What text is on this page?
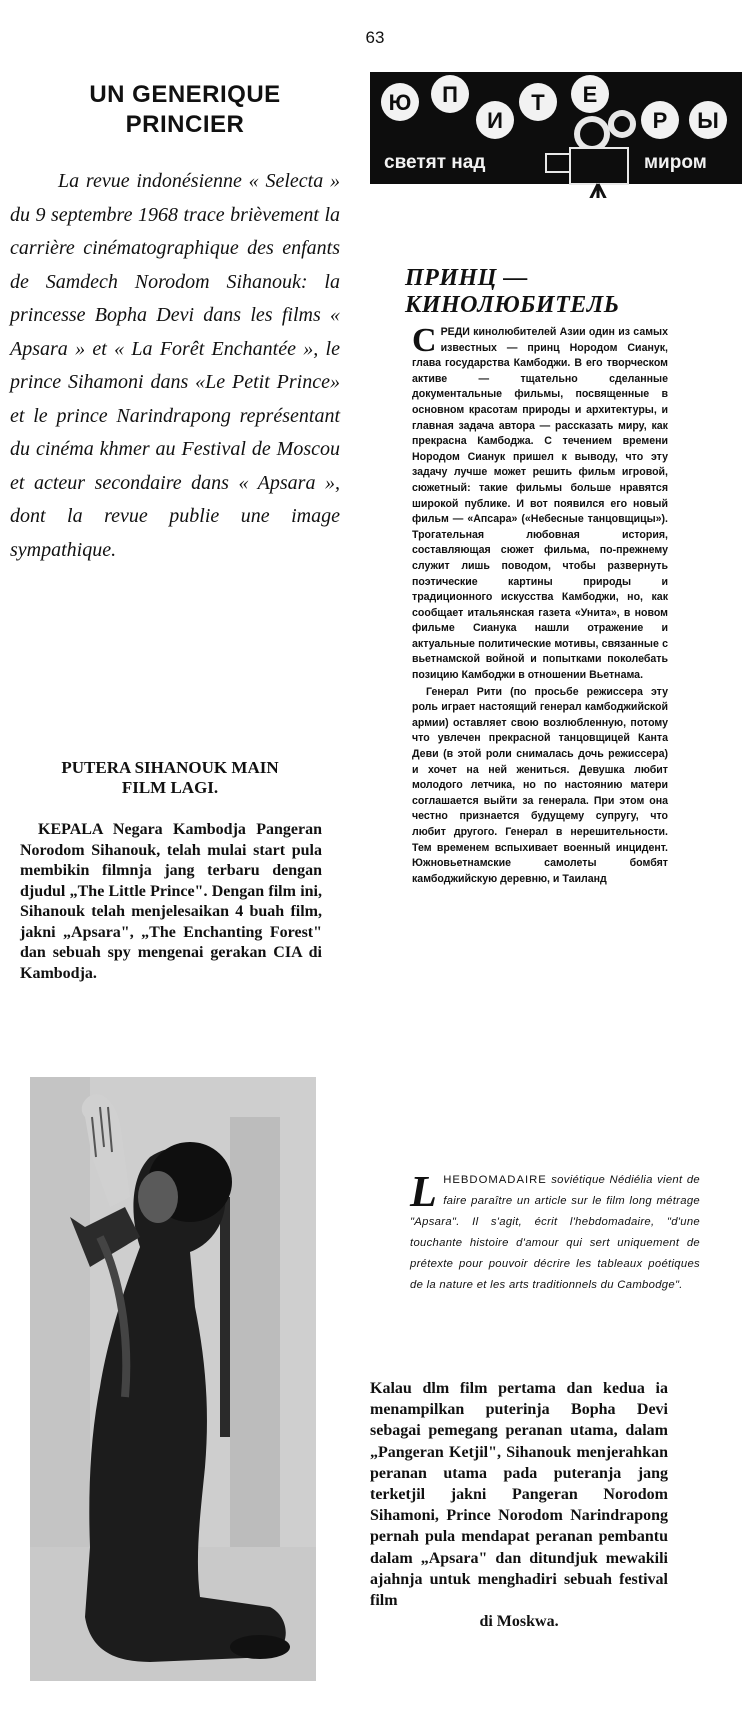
63
UN GENERIQUE
PRINCIER

La revue indonésienne « Selecta » du 9 septembre 1968 trace brièvement la carrière cinématographique des enfants de Samdech Norodom Sihanouk: la princesse Bopha Devi dans les films « Apsara » et « La Forêt Enchantée », le prince Sihamoni dans «Le Petit Prince» et le prince Narindrapong représentant du cinéma khmer au Festival de Moscou et acteur secondaire dans « Apsara », dont la revue publie une image sympathique.

PUTERA SIHANOUK MAIN
FILM LAGI.

KEPALA Negara Kambodja Pangeran Norodom Sihanouk, telah mulai start pula membikin filmnja jang terbaru dengan djudul „The Little Prince". Dengan film ini, Sihanouk telah menjelesaikan 4 buah film, jakni „Apsara", „The Enchanting Forest" dan sebuah spy mengenai gerakan CIA di Kambodja.

Ю П
И
Т Е
Р Ы
светят над	миром
ПРИНЦ —
КИНОЛЮБИТЕЛЬ

СРЕДИ кинолюбителей Азии один из самых известных — принц Нородом Сианук, глава государства Камбоджи. В его творческом активе — тщательно сделанные документальные фильмы, посвященные в основном красотам природы и архитектуры, и главная задача автора — рассказать миру, как прекрасна Камбоджа. С течением времени Нородом Сианук пришел к выводу, что эту задачу лучше может решить фильм игровой, сюжетный: такие фильмы больше нравятся широкой публике. И вот появился его новый фильм — «Апсара» («Небесные танцовщицы»). Трогательная любовная история, составляющая сюжет фильма, по-прежнему служит лишь поводом, чтобы развернуть поэтические картины природы и традиционного искусства Камбоджи, но, как сообщает итальянская газета «Унита», в новом фильме Сианука нашли отражение и актуальные политические мотивы, связанные с вьетнамской войной и попытками поколебать позицию Камбоджи в отношении Вьетнама.

Генерал Рити (по просьбе режиссера эту роль играет настоящий генерал камбоджийской армии) оставляет свою возлюбленную, потому что увлечен прекрасной танцовщицей Канта Деви (в этой роли снималась дочь режиссера) и хочет на ней жениться. Девушка любит молодого летчика, но по настоянию матери соглашается выйти за генерала. При этом она честно признается будущему супругу, что любит другого. Генерал в нерешительности. Тем временем вспыхивает военный инцидент. Южновьетнамские самолеты бомбят камбоджийскую деревню, и Таиланд

LHEBDOMADAIRE soviétique Nédiélia vient de faire paraître un article sur le film long métrage "Apsara". Il s'agit, écrit l'hebdomadaire, "d'une touchante histoire d'amour qui sert uniquement de prétexte pour pouvoir décrire les tableaux poétiques de la nature et les arts traditionnels du Cambodge".

Kalau dlm film pertama dan kedua ia menampilkan puterinja Bopha Devi sebagai pemegang peranan utama, dalam „Pangeran Ketjil", Sihanouk menjerahkan peranan utama pada puteranja jang terketjil jakni Pangeran Norodom Sihamoni, Prince Norodom Narindrapong pernah pula mendapat peranan pembantu dalam „Apsara" dan ditundjuk mewakili ajahnja untuk menghadiri sebuah festival film

di Moskwa.
